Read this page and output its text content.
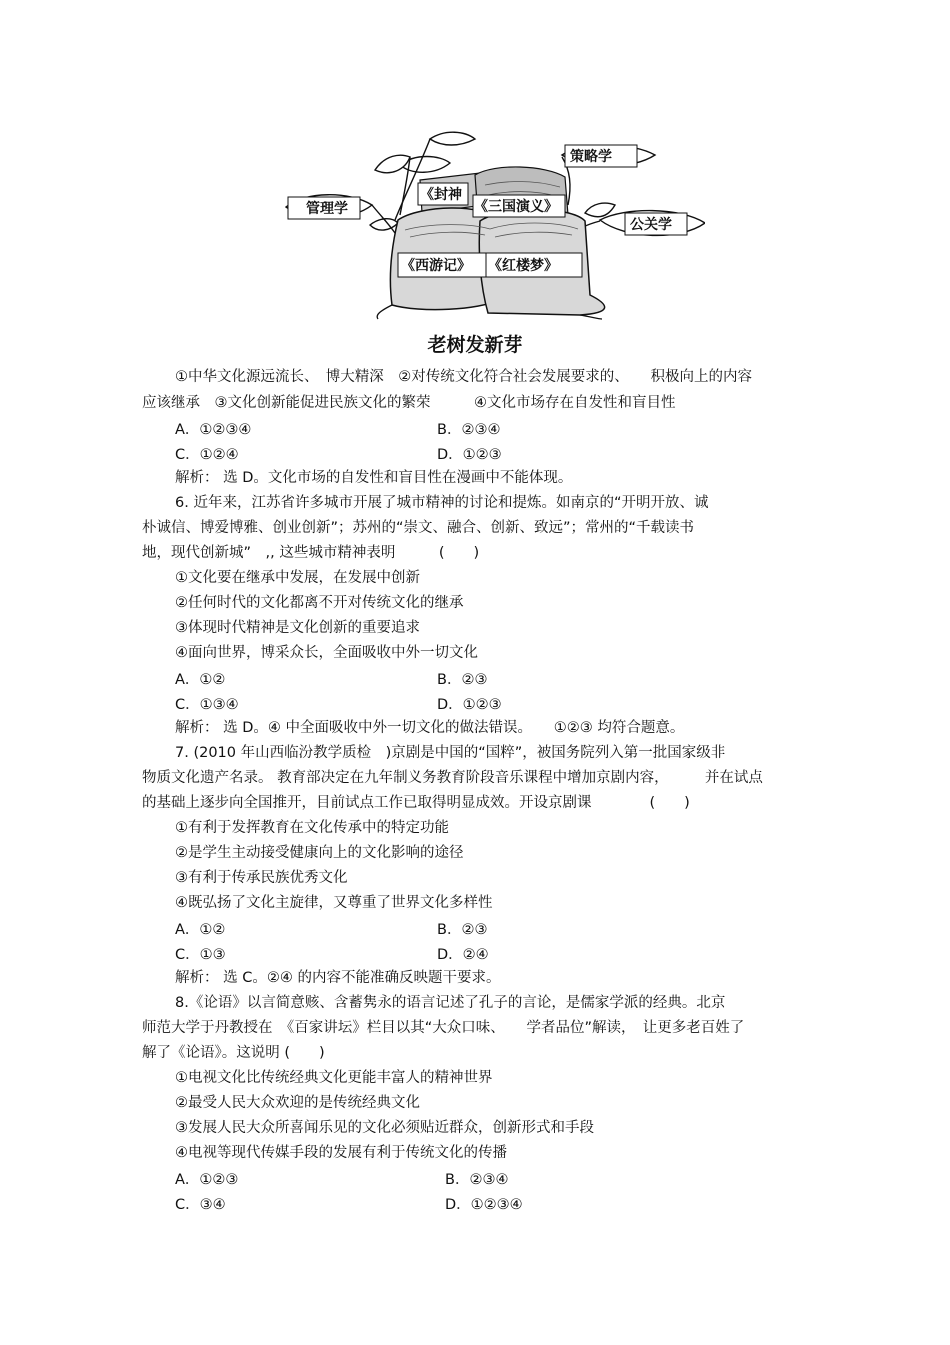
《西游记》 《红楼梦》
《封神
《三国演义》
管理学
策略学
公关学
老树发新芽
①中华文化源远流长、　博大精深　②对传统文化符合社会发展要求的、　　积极向上的内容
应该继承　③文化创新能促进民族文化的繁荣　　　④文化市场存在自发性和盲目性
A．①②③④	B．②③④
C．①②④	D．①②③
解析： 选 D。文化市场的自发性和盲目性在漫画中不能体现。
6. 近年来，江苏省许多城市开展了城市精神的讨论和提炼。如南京的“开明开放、诚
朴诚信、博爱博雅、创业创新”；苏州的“崇文、融合、创新、致远”；常州的“千载读书
地，现代创新城”　,, 这些城市精神表明　　　(　　)
①文化要在继承中发展，在发展中创新
②任何时代的文化都离不开对传统文化的继承
③体现时代精神是文化创新的重要追求
④面向世界，博采众长，全面吸收中外一切文化
A．①②	B．②③
C．①③④	D．①②③
解析： 选 D。④ 中全面吸收中外一切文化的做法错误。　　①②③ 均符合题意。
7. (2010 年山西临汾教学质检　)京剧是中国的“国粹”，被国务院列入第一批国家级非
物质文化遗产名录。 教育部决定在九年制义务教育阶段音乐课程中增加京剧内容，　　　并在试点
的基础上逐步向全国推开，目前试点工作已取得明显成效。开设京剧课　　　　(　　)
①有利于发挥教育在文化传承中的特定功能
②是学生主动接受健康向上的文化影响的途径
③有利于传承民族优秀文化
④既弘扬了文化主旋律，又尊重了世界文化多样性
A．①②	B．②③
C．①③	D．②④
解析： 选 C。②④ 的内容不能准确反映题干要求。
8.《论语》以言简意赅、含蓄隽永的语言记述了孔子的言论，是儒家学派的经典。北京
师范大学于丹教授在　《百家讲坛》栏目以其“大众口味、　　学者品位”解读，　让更多老百姓了
解了《论语》。这说明 (　　)
①电视文化比传统经典文化更能丰富人的精神世界
②最受人民大众欢迎的是传统经典文化
③发展人民大众所喜闻乐见的文化必须贴近群众，创新形式和手段
④电视等现代传媒手段的发展有利于传统文化的传播
A．①②③	B．②③④
C．③④	D．①②③④
